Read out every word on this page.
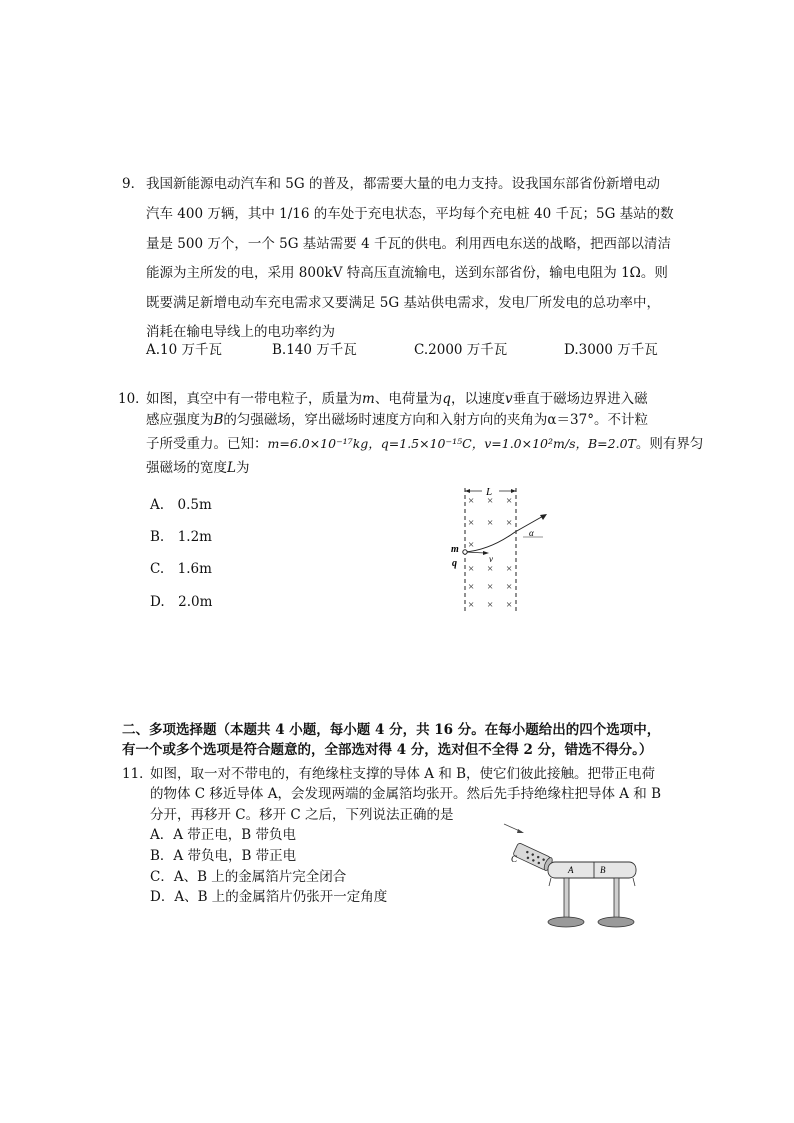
9． 我国新能源电动汽车和 5G 的普及，都需要大量的电力支持。设我国东部省份新增电动
汽车 400 万辆，其中 1/16 的车处于充电状态，平均每个充电桩 40 千瓦；5G 基站的数
量是 500 万个，一个 5G 基站需要 4 千瓦的供电。利用西电东送的战略，把西部以清洁
能源为主所发的电，采用 800kV 特高压直流输电，送到东部省份，输电电阻为 1Ω。则
既要满足新增电动车充电需求又要满足 5G 基站供电需求，发电厂所发电的总功率中，
消耗在输电导线上的电功率约为
A.10 万千瓦	B.140 万千瓦	C.2000 万千瓦	D.3000 万千瓦
10．
如图，真空中有一带电粒子，质量为m、电荷量为q，以速度v垂直于磁场边界进入磁
感应强度为B的匀强磁场，穿出磁场时速度方向和入射方向的夹角为α＝37°。不计粒
子所受重力。已知：m=6.0×10⁻¹⁷kg，q=1.5×10⁻¹⁵C，v=1.0×10²m/s，B=2.0T。则有界匀
强磁场的宽度L为
A.　0.5m
B.　1.2m
C.　1.6m
D.　2.0m
L
× × ×
× × ×
×
× × ×
× × ×
× × ×
α
m
q	v
二、多项选择题（本题共 4 小题，每小题 4 分，共 16 分。在每小题给出的四个选项中，
有一个或多个选项是符合题意的，全部选对得 4 分，选对但不全得 2 分，错选不得分。）
11．
如图，取一对不带电的，有绝缘柱支撑的导体 A 和 B，使它们彼此接触。把带正电荷
的物体 C 移近导体 A，会发现两端的金属箔均张开。然后先手持绝缘柱把导体 A 和 B
分开，再移开 C。移开 C 之后，下列说法正确的是
A．A 带正电，B 带负电
B．A 带负电，B 带正电
C．A、B 上的金属箔片完全闭合
D．A、B 上的金属箔片仍张开一定角度
C
A	B
